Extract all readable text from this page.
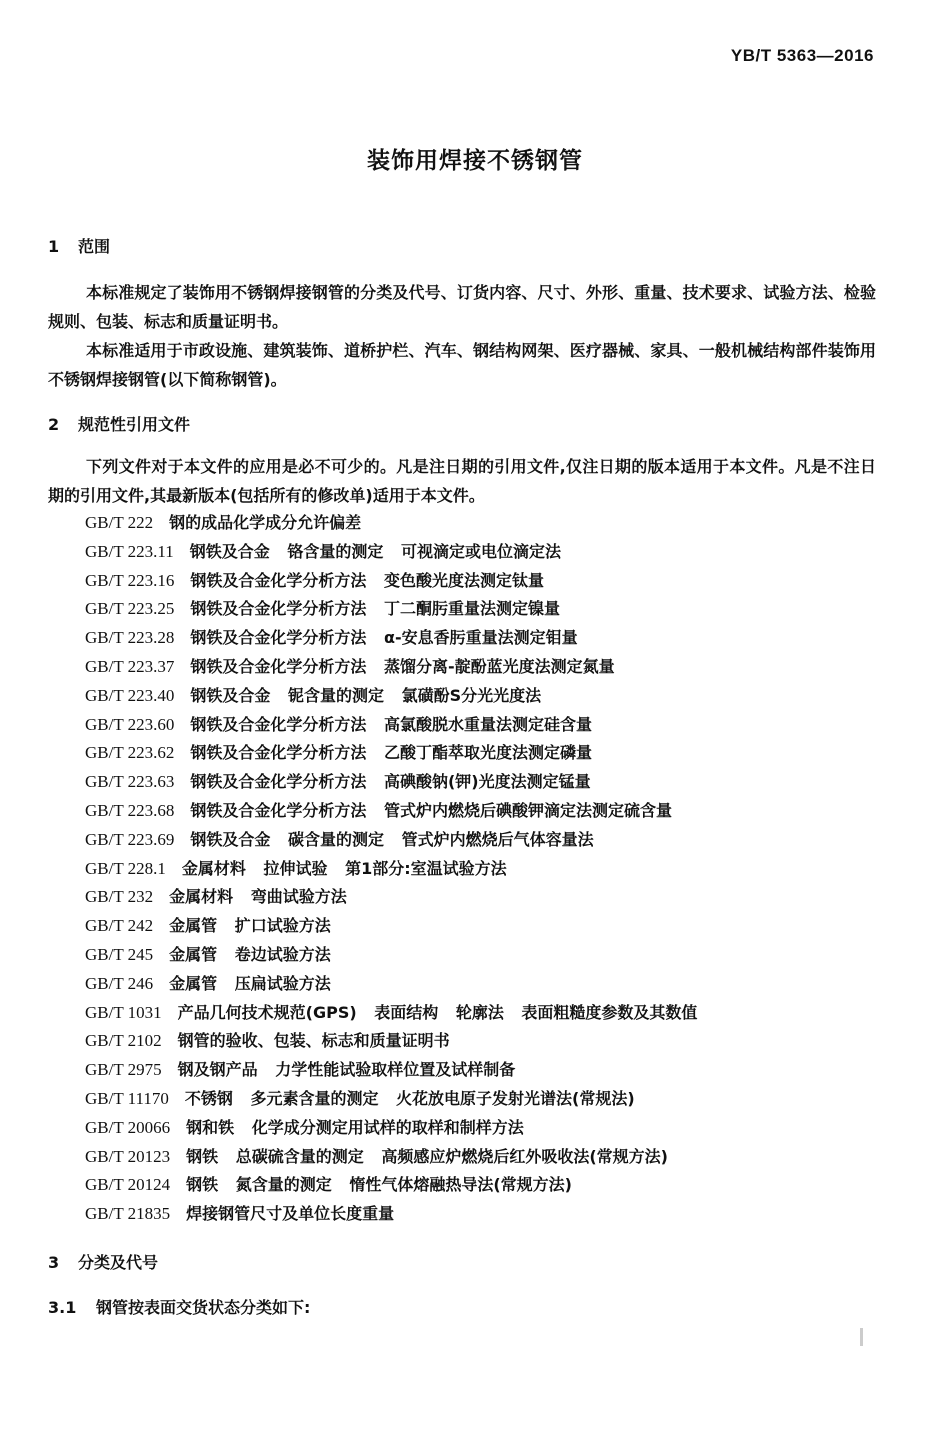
YB/T 5363—2016
装饰用焊接不锈钢管
1 范围
本标准规定了装饰用不锈钢焊接钢管的分类及代号、订货内容、尺寸、外形、重量、技术要求、试验方法、检验规则、包装、标志和质量证明书。
本标准适用于市政设施、建筑装饰、道桥护栏、汽车、钢结构网架、医疗器械、家具、一般机械结构部件装饰用不锈钢焊接钢管(以下简称钢管)。
2 规范性引用文件
下列文件对于本文件的应用是必不可少的。凡是注日期的引用文件,仅注日期的版本适用于本文件。凡是不注日期的引用文件,其最新版本(包括所有的修改单)适用于本文件。
GB/T 222 钢的成品化学成分允许偏差
GB/T 223.11 钢铁及合金 铬含量的测定 可视滴定或电位滴定法
GB/T 223.16 钢铁及合金化学分析方法 变色酸光度法测定钛量
GB/T 223.25 钢铁及合金化学分析方法 丁二酮肟重量法测定镍量
GB/T 223.28 钢铁及合金化学分析方法 α-安息香肟重量法测定钼量
GB/T 223.37 钢铁及合金化学分析方法 蒸馏分离-靛酚蓝光度法测定氮量
GB/T 223.40 钢铁及合金 铌含量的测定 氯磺酚S分光光度法
GB/T 223.60 钢铁及合金化学分析方法 高氯酸脱水重量法测定硅含量
GB/T 223.62 钢铁及合金化学分析方法 乙酸丁酯萃取光度法测定磷量
GB/T 223.63 钢铁及合金化学分析方法 高碘酸钠(钾)光度法测定锰量
GB/T 223.68 钢铁及合金化学分析方法 管式炉内燃烧后碘酸钾滴定法测定硫含量
GB/T 223.69 钢铁及合金 碳含量的测定 管式炉内燃烧后气体容量法
GB/T 228.1 金属材料 拉伸试验 第1部分:室温试验方法
GB/T 232 金属材料 弯曲试验方法
GB/T 242 金属管 扩口试验方法
GB/T 245 金属管 卷边试验方法
GB/T 246 金属管 压扁试验方法
GB/T 1031 产品几何技术规范(GPS) 表面结构 轮廓法 表面粗糙度参数及其数值
GB/T 2102 钢管的验收、包装、标志和质量证明书
GB/T 2975 钢及钢产品 力学性能试验取样位置及试样制备
GB/T 11170 不锈钢 多元素含量的测定 火花放电原子发射光谱法(常规法)
GB/T 20066 钢和铁 化学成分测定用试样的取样和制样方法
GB/T 20123 钢铁 总碳硫含量的测定 高频感应炉燃烧后红外吸收法(常规方法)
GB/T 20124 钢铁 氮含量的测定 惰性气体熔融热导法(常规方法)
GB/T 21835 焊接钢管尺寸及单位长度重量
3 分类及代号
3.1 钢管按表面交货状态分类如下:
